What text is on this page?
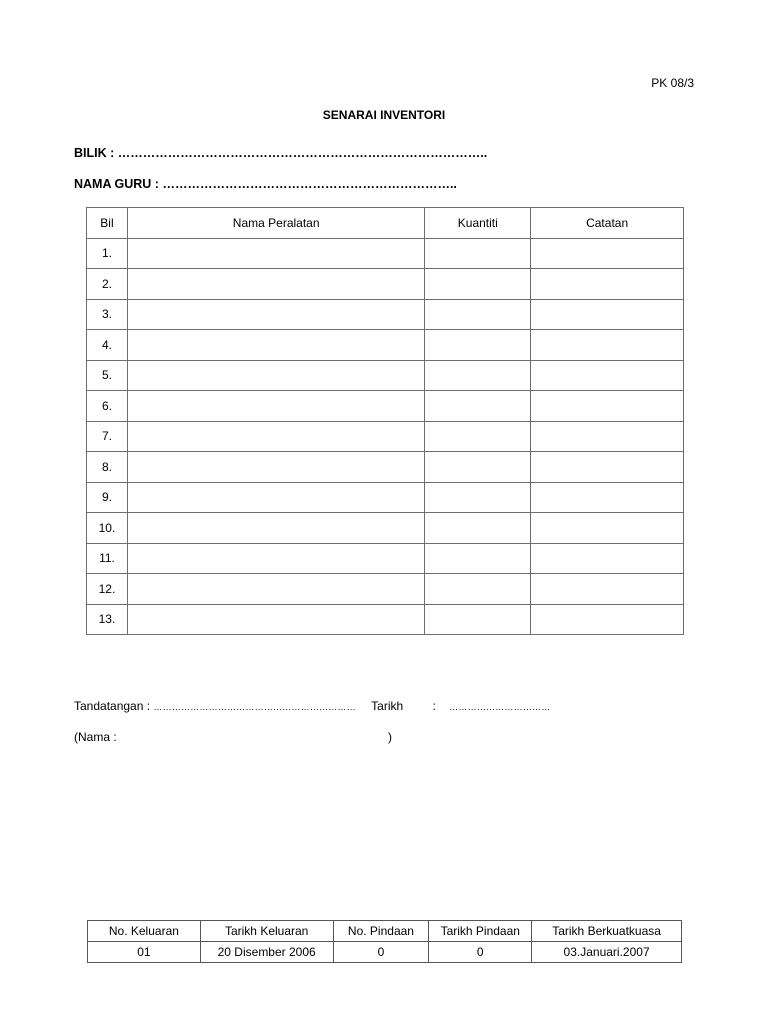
PK 08/3
SENARAI INVENTORI
BILIK : ……………………………………………………………………………..
NAMA GURU : ……………………………………………………………..
Bil	Nama Peralatan	Kuantiti	Catatan
1.			
2.			
3.			
4.			
5.			
6.			
7.			
8.			
9.			
10.			
11.			
12.			
13.			
Tandatangan : ………………………………………………………… Tarikh : ……………………………
(Nama :	)
No. Keluaran	Tarikh Keluaran	No. Pindaan	Tarikh Pindaan	Tarikh Berkuatkuasa
01	20 Disember 2006	0	0	03.Januari.2007
